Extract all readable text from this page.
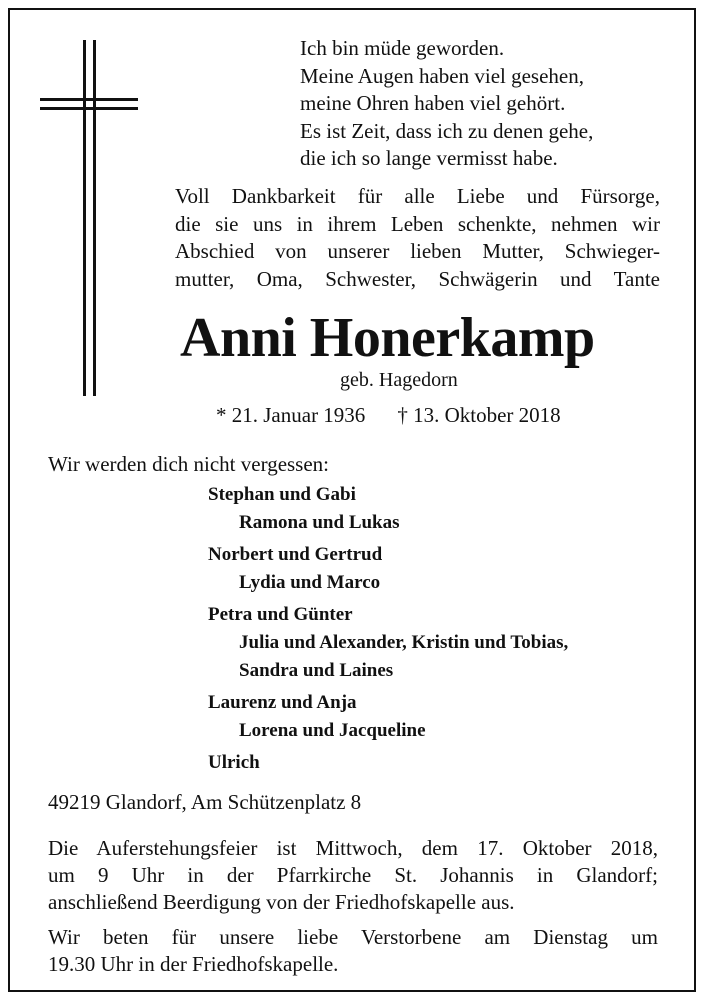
Ich bin müde geworden.
Meine Augen haben viel gesehen,
meine Ohren haben viel gehört.
Es ist Zeit, dass ich zu denen gehe,
die ich so lange vermisst habe.
Voll Dankbarkeit für alle Liebe und Fürsorge,
die sie uns in ihrem Leben schenkte, nehmen wir
Abschied von unserer lieben Mutter, Schwieger-
mutter, Oma, Schwester, Schwägerin und Tante
Anni Honerkamp
geb. Hagedorn
* 21. Januar 1936 † 13. Oktober 2018
Wir werden dich nicht vergessen:
Stephan und Gabi
Ramona und Lukas
Norbert und Gertrud
Lydia und Marco
Petra und Günter
Julia und Alexander, Kristin und Tobias,
Sandra und Laines
Laurenz und Anja
Lorena und Jacqueline
Ulrich
49219 Glandorf, Am Schützenplatz 8
Die Auferstehungsfeier ist Mittwoch, dem 17. Oktober 2018,
um 9 Uhr in der Pfarrkirche St. Johannis in Glandorf;
anschließend Beerdigung von der Friedhofskapelle aus.
Wir beten für unsere liebe Verstorbene am Dienstag um
19.30 Uhr in der Friedhofskapelle.
